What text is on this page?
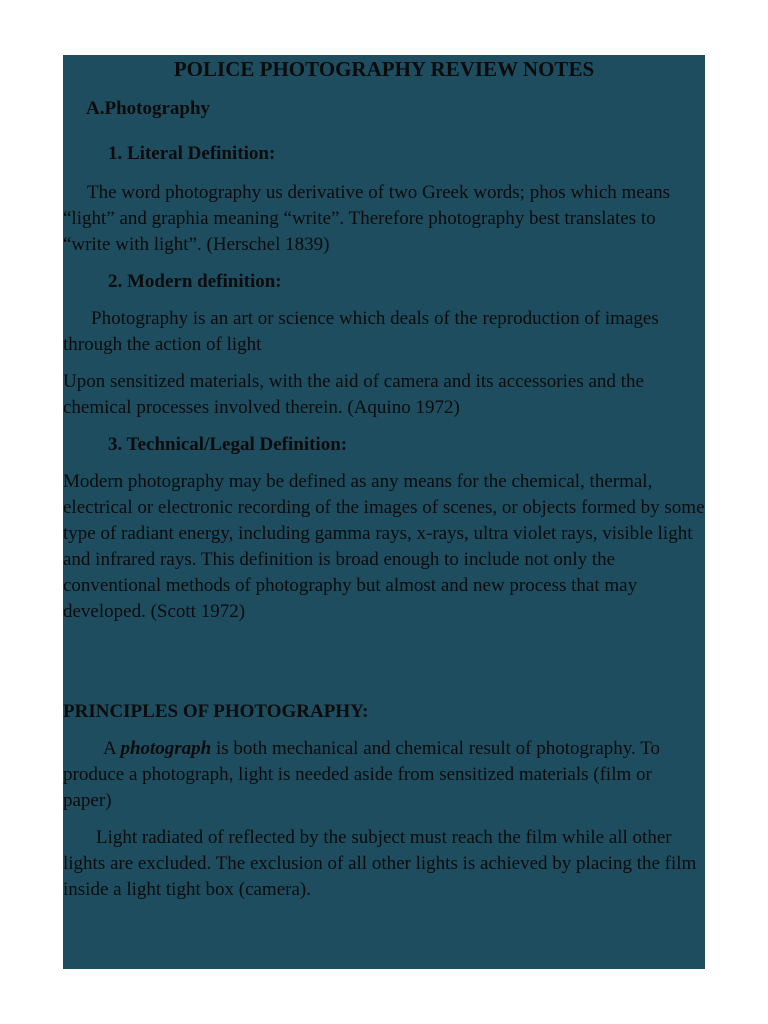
POLICE PHOTOGRAPHY REVIEW NOTES
A.Photography
1. Literal Definition:

The word photography us derivative of two Greek words; phos which means “light” and graphia meaning “write”. Therefore photography best translates to “write with light”. (Herschel 1839)

2. Modern definition:

Photography is an art or science which deals of the reproduction of images through the action of light

Upon sensitized materials, with the aid of camera and its accessories and the chemical processes involved therein. (Aquino 1972)

3. Technical/Legal Definition:

Modern photography may be defined as any means for the chemical, thermal, electrical or electronic recording of the images of scenes, or objects formed by some type of radiant energy, including gamma rays, x-rays, ultra violet rays, visible light and infrared rays. This definition is broad enough to include not only the conventional methods of photography but almost and new process that may developed. (Scott 1972)

PRINCIPLES OF PHOTOGRAPHY:

A photograph is both mechanical and chemical result of photography. To produce a photograph, light is needed aside from sensitized materials (film or paper)

Light radiated of reflected by the subject must reach the film while all other lights are excluded. The exclusion of all other lights is achieved by placing the film inside a light tight box (camera).
